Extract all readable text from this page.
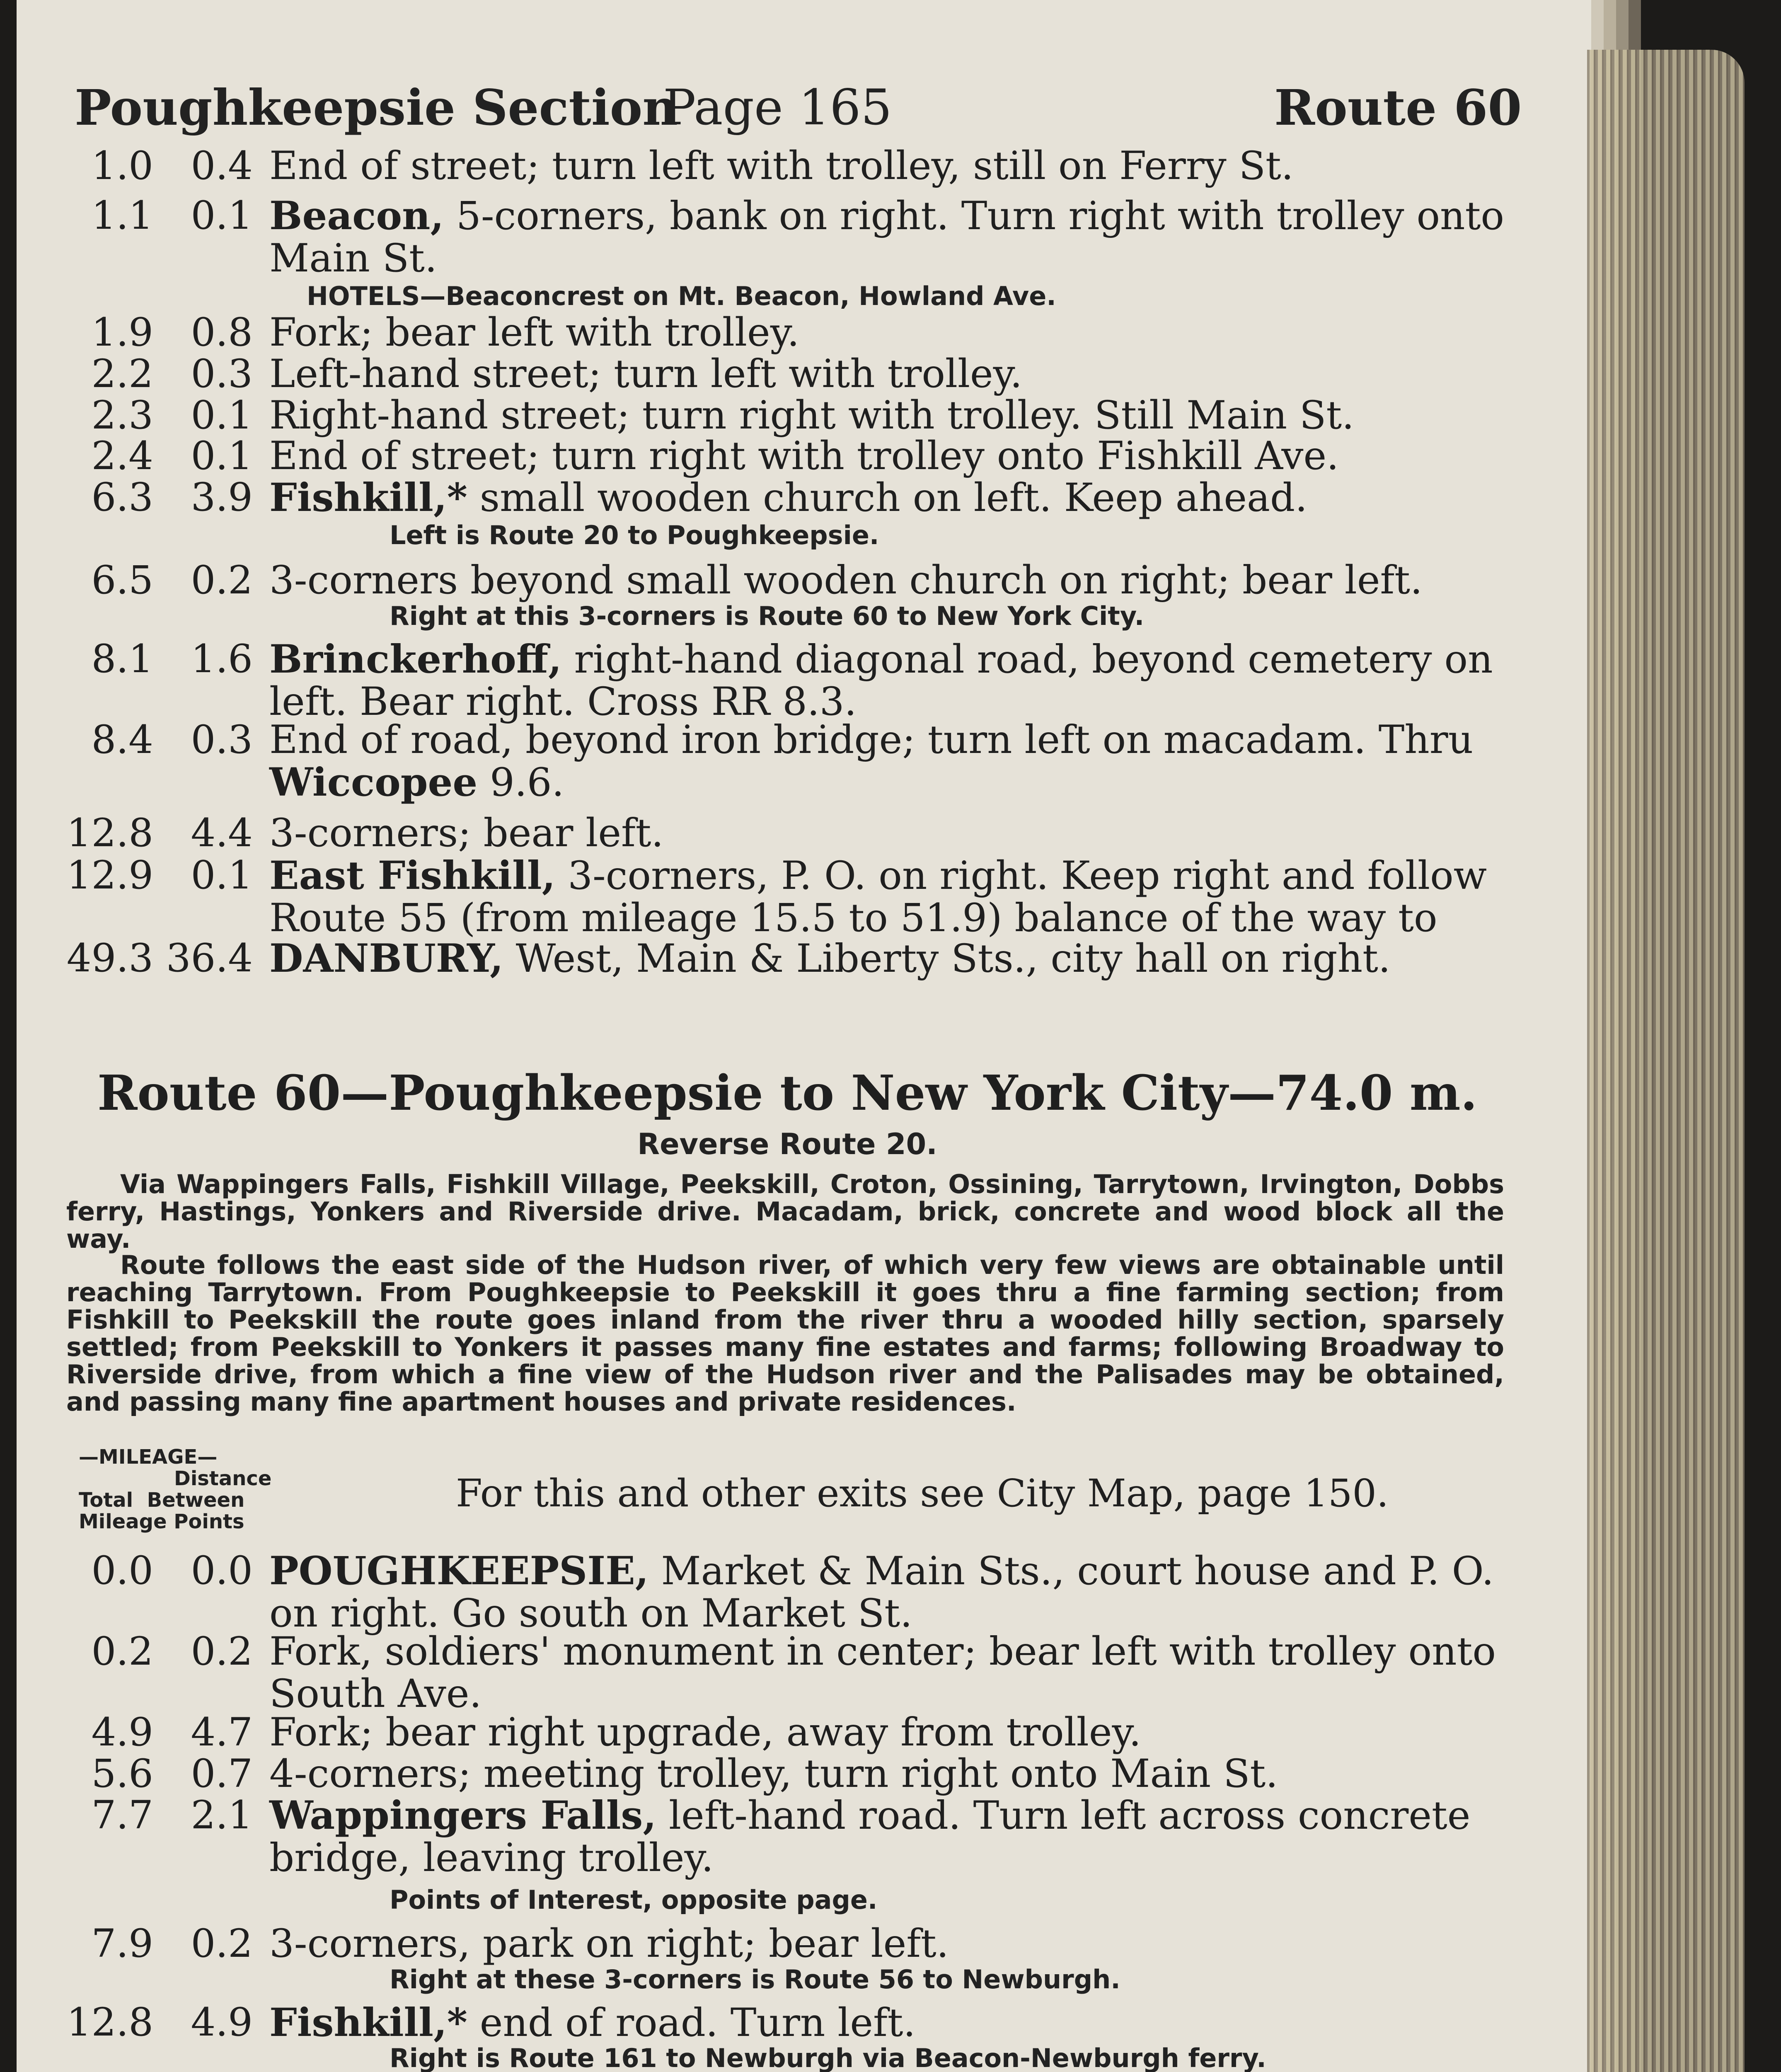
Poughkeepsie Section
Page 165	Route 60
1.0 0.4 End of street; turn left with trolley, still on Ferry St.
1.1 0.1 Beacon, 5-corners, bank on right. Turn right with trolley onto Main St.
1.9 0.8 Fork; bear left with trolley.
2.2 0.3 Left-hand street; turn left with trolley.
2.3 0.1 Right-hand street; turn right with trolley. Still Main St.
2.4 0.1 End of street; turn right with trolley onto Fishkill Ave.
6.3 3.9 Fishkill,* small wooden church on left. Keep ahead.
6.5 0.2 3-corners beyond small wooden church on right; bear left.
8.1 1.6 Brinckerhoff, right-hand diagonal road, beyond cemetery on left. Bear right. Cross RR 8.3.
8.4 0.3 End of road, beyond iron bridge; turn left on macadam. Thru Wiccopee 9.6.
12.8 4.4 3-corners; bear left.
12.9 0.1 East Fishkill, 3-corners, P. O. on right. Keep right and follow Route 55 (from mileage 15.5 to 51.9) balance of the way to
49.3 36.4 DANBURY, West, Main & Liberty Sts., city hall on right.
HOTELS—Beaconcrest on Mt. Beacon, Howland Ave.
Left is Route 20 to Poughkeepsie.
Right at this 3-corners is Route 60 to New York City.
Route 60—Poughkeepsie to New York City—74.0 m.
Reverse Route 20.
Via Wappingers Falls, Fishkill Village, Peekskill, Croton, Ossining, Tarrytown, Irvington, Dobbs ferry, Hastings, Yonkers and Riverside drive. Macadam, brick, concrete and wood block all the way.
Route follows the east side of the Hudson river, of which very few views are obtainable until reaching Tarrytown. From Poughkeepsie to Peekskill it goes thru a fine farming section; from Fishkill to Peekskill the route goes inland from the river thru a wooded hilly section, sparsely settled; from Peekskill to Yonkers it passes many fine estates and farms; following Broadway to Riverside drive, from which a fine view of the Hudson river and the Palisades may be obtained, and passing many fine apartment houses and private residences.
—MILEAGE—
Distance
Total Between
Mileage Points
For this and other exits see City Map, page 150.
0.0 0.0 POUGHKEEPSIE, Market & Main Sts., court house and P. O. on right. Go south on Market St.
0.2 0.2 Fork, soldiers' monument in center; bear left with trolley onto South Ave.
4.9 4.7 Fork; bear right upgrade, away from trolley.
5.6 0.7 4-corners; meeting trolley, turn right onto Main St.
7.7 2.1 Wappingers Falls, left-hand road. Turn left across concrete bridge, leaving trolley.
7.9 0.2 3-corners, park on right; bear left.
12.8 4.9 Fishkill,* end of road. Turn left.
Points of Interest, opposite page.
Right at these 3-corners is Route 56 to Newburgh.
Right is Route 161 to Newburgh via Beacon-Newburgh ferry.
